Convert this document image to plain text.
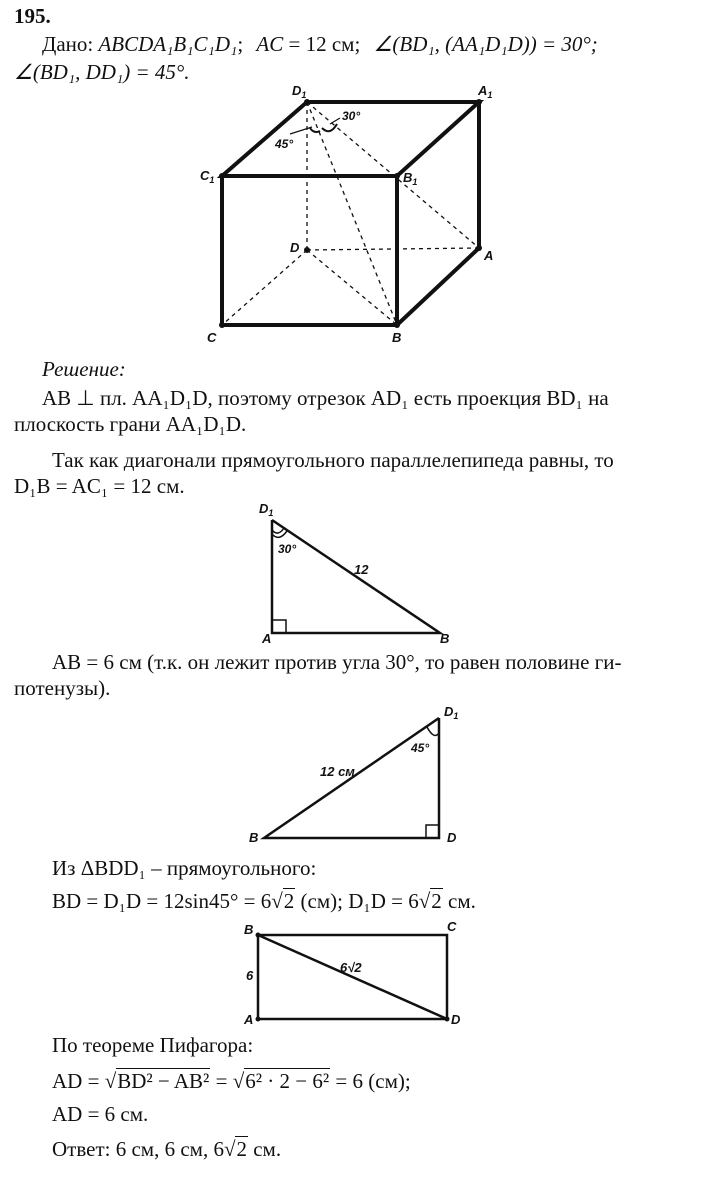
195.
Дано: ABCDA₁B₁C₁D₁; AC = 12 см; ∠(BD₁, (AA₁D₁D)) = 30°;
∠(BD₁, DD₁) = 45°.
$D_1$	$A_1$
$C_1$	$B_1$
D
A
C	B
30°
45°
$D_1$
A	B
30°
12
$D_1$
B	D
45°
12 см
B	C
A	D
6
6√2
Решение:
AB ⊥ пл. AA₁D₁D, поэтому отрезок AD₁ есть проекция BD₁ на
плоскость грани AA₁D₁D.
Так как диагонали прямоугольного параллелепипеда равны, то
D₁B = AC₁ = 12 см.
AB = 6 см (т.к. он лежит против угла 30°, то равен половине ги-
потенузы).
Из ΔBDD₁ – прямоугольного:
BD = D₁D = 12sin45° = 6√2 (см); D₁D = 6√2 см.
По теореме Пифагора:
AD = √BD² − AB² = √6² · 2 − 6² = 6 (см);
AD = 6 см.
Ответ: 6 см, 6 см, 6√2 см.
